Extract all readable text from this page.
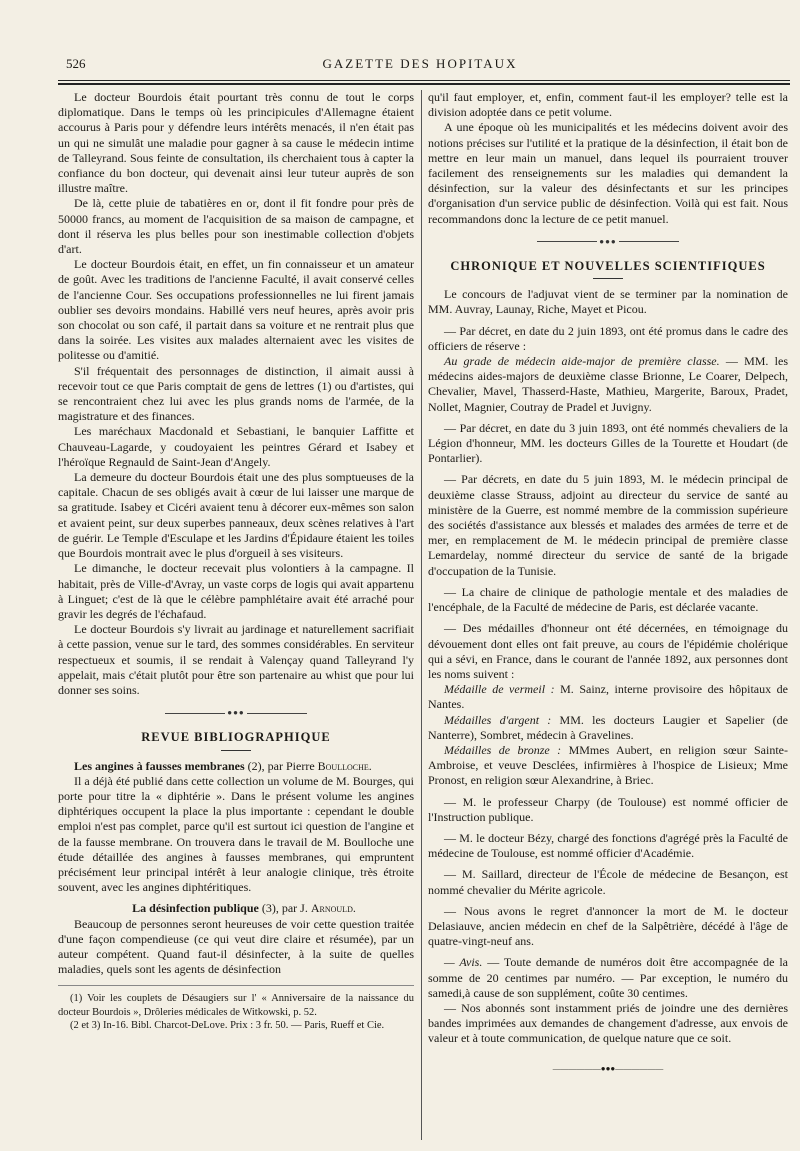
526	GAZETTE DES HOPITAUX

Le docteur Bourdois était pourtant très connu de tout le corps diplomatique. Dans le temps où les principicules d'Allemagne étaient accourus à Paris pour y défendre leurs intérêts menacés, il n'en était pas un qui ne simulât une maladie pour gagner à sa cause le médecin intime de Talleyrand. Sous feinte de consultation, ils cherchaient tous à capter la confiance du bon docteur, qui devenait ainsi leur tuteur auprès de son illustre maître.

De là, cette pluie de tabatières en or, dont il fit fondre pour près de 50000 francs, au moment de l'acquisition de sa maison de campagne, et dont il réserva les plus belles pour son inestimable collection d'objets d'art.

Le docteur Bourdois était, en effet, un fin connaisseur et un amateur de goût. Avec les traditions de l'ancienne Faculté, il avait conservé celles de l'ancienne Cour. Ses occupations professionnelles ne lui firent jamais oublier ses devoirs mondains. Habillé vers neuf heures, après avoir pris son chocolat ou son café, il partait dans sa voiture et ne rentrait plus que dans la soirée. Les visites aux malades alternaient avec les visites de politesse ou d'amitié.

S'il fréquentait des personnages de distinction, il aimait aussi à recevoir tout ce que Paris comptait de gens de lettres (1) ou d'artistes, qui se rencontraient chez lui avec les plus grands noms de l'armée, de la magistrature et des finances.

Les maréchaux Macdonald et Sebastiani, le banquier Laffitte et Chauveau-Lagarde, y coudoyaient les peintres Gérard et Isabey et l'héroïque Regnauld de Saint-Jean d'Angely.

La demeure du docteur Bourdois était une des plus somptueuses de la capitale. Chacun de ses obligés avait à cœur de lui laisser une marque de sa gratitude. Isabey et Cicéri avaient tenu à décorer eux-mêmes son salon et avaient peint, sur deux superbes panneaux, deux scènes relatives à l'art de guérir. Le Temple d'Esculape et les Jardins d'Épidaure étaient les toiles que Bourdois montrait avec le plus d'orgueil à ses visiteurs.

Le dimanche, le docteur recevait plus volontiers à la campagne. Il habitait, près de Ville-d'Avray, un vaste corps de logis qui avait appartenu à Linguet; c'est de là que le célèbre pamphlétaire avait été arraché pour gravir les degrés de l'échafaud.

Le docteur Bourdois s'y livrait au jardinage et naturellement sacrifiait à cette passion, venue sur le tard, des sommes considérables. En serviteur respectueux et soumis, il se rendait à Valençay quand Talleyrand l'y appelait, mais c'était plutôt pour être son partenaire au whist que pour lui donner ses soins.

●●●
REVUE BIBLIOGRAPHIQUE

Les angines à fausses membranes (2), par Pierre Boulloche.

Il a déjà été publié dans cette collection un volume de M. Bourges, qui porte pour titre la « diphtérie ». Dans le présent volume les angines diphtériques occupent la place la plus importante : cependant le double emploi n'est pas complet, parce qu'il est surtout ici question de l'angine et de la fausse membrane. On trouvera dans le travail de M. Boulloche une étude détaillée des angines à fausses membranes, qui empruntent précisément leur principal intérêt à leur analogie clinique, très étroite souvent, avec les angines diphtéritiques.

La désinfection publique (3), par J. Arnould.

Beaucoup de personnes seront heureuses de voir cette question traitée d'une façon compendieuse (ce qui veut dire claire et résumée), par un auteur compétent. Quand faut-il désinfecter, à la suite de quelles maladies, quels sont les agents de désinfection

(1) Voir les couplets de Désaugiers sur l' « Anniversaire de la naissance du docteur Bourdois », Drôleries médicales de Witkowski, p. 52.

(2 et 3) In-16. Bibl. Charcot-DeLove. Prix : 3 fr. 50. — Paris, Rueff et Cie.

qu'il faut employer, et, enfin, comment faut-il les employer? telle est la division adoptée dans ce petit volume.

A une époque où les municipalités et les médecins doivent avoir des notions précises sur l'utilité et la pratique de la désinfection, il était bon de mettre en leur main un manuel, dans lequel ils pourraient trouver facilement des renseignements sur les maladies qui demandent la désinfection, sur la valeur des désinfectants et sur les principes d'organisation d'un service public de désinfection. Voilà qui est fait. Nous recommandons donc la lecture de ce petit manuel.

●●●
CHRONIQUE ET NOUVELLES SCIENTIFIQUES

Le concours de l'adjuvat vient de se terminer par la nomination de MM. Auvray, Launay, Riche, Mayet et Picou.

— Par décret, en date du 2 juin 1893, ont été promus dans le cadre des officiers de réserve :

Au grade de médecin aide-major de première classe. — MM. les médecins aides-majors de deuxième classe Brionne, Le Coarer, Delpech, Chevalier, Mavel, Thasserd-Haste, Mathieu, Margerite, Baroux, Pradet, Nollet, Magnier, Coutray de Pradel et Juvigny.

— Par décret, en date du 3 juin 1893, ont été nommés chevaliers de la Légion d'honneur, MM. les docteurs Gilles de la Tourette et Houdart (de Pontarlier).

— Par décrets, en date du 5 juin 1893, M. le médecin principal de deuxième classe Strauss, adjoint au directeur du service de santé au ministère de la Guerre, est nommé membre de la commission supérieure des sociétés d'assistance aux blessés et malades des armées de terre et de mer, en remplacement de M. le médecin principal de première classe Lemardelay, nommé directeur du service de santé de la brigade d'occupation de la Tunisie.

— La chaire de clinique de pathologie mentale et des maladies de l'encéphale, de la Faculté de médecine de Paris, est déclarée vacante.

— Des médailles d'honneur ont été décernées, en témoignage du dévouement dont elles ont fait preuve, au cours de l'épidémie cholérique qui a sévi, en France, dans le courant de l'année 1892, aux personnes dont les noms suivent :

Médaille de vermeil : M. Sainz, interne provisoire des hôpitaux de Nantes.

Médailles d'argent : MM. les docteurs Laugier et Sapelier (de Nanterre), Sombret, médecin à Gravelines.

Médailles de bronze : MMmes Aubert, en religion sœur Sainte-Ambroise, et veuve Desclées, infirmières à l'hospice de Lisieux; Mme Pronost, en religion sœur Alexandrine, à Briec.

— M. le professeur Charpy (de Toulouse) est nommé officier de l'Instruction publique.

— M. le docteur Bézy, chargé des fonctions d'agrégé près la Faculté de médecine de Toulouse, est nommé officier d'Académie.

— M. Saillard, directeur de l'École de médecine de Besançon, est nommé chevalier du Mérite agricole.

— Nous avons le regret d'annoncer la mort de M. le docteur Delasiauve, ancien médecin en chef de la Salpêtrière, décédé à l'âge de quatre-vingt-neuf ans.

— Avis. — Toute demande de numéros doit être accompagnée de la somme de 20 centimes par numéro. — Par exception, le numéro du samedi,à cause de son supplément, coûte 30 centimes.

— Nos abonnés sont instamment priés de joindre une des dernières bandes imprimées aux demandes de changement d'adresse, aux envois de valeur et à toute communication, de quelque nature que ce soit.

——————●●●——————
